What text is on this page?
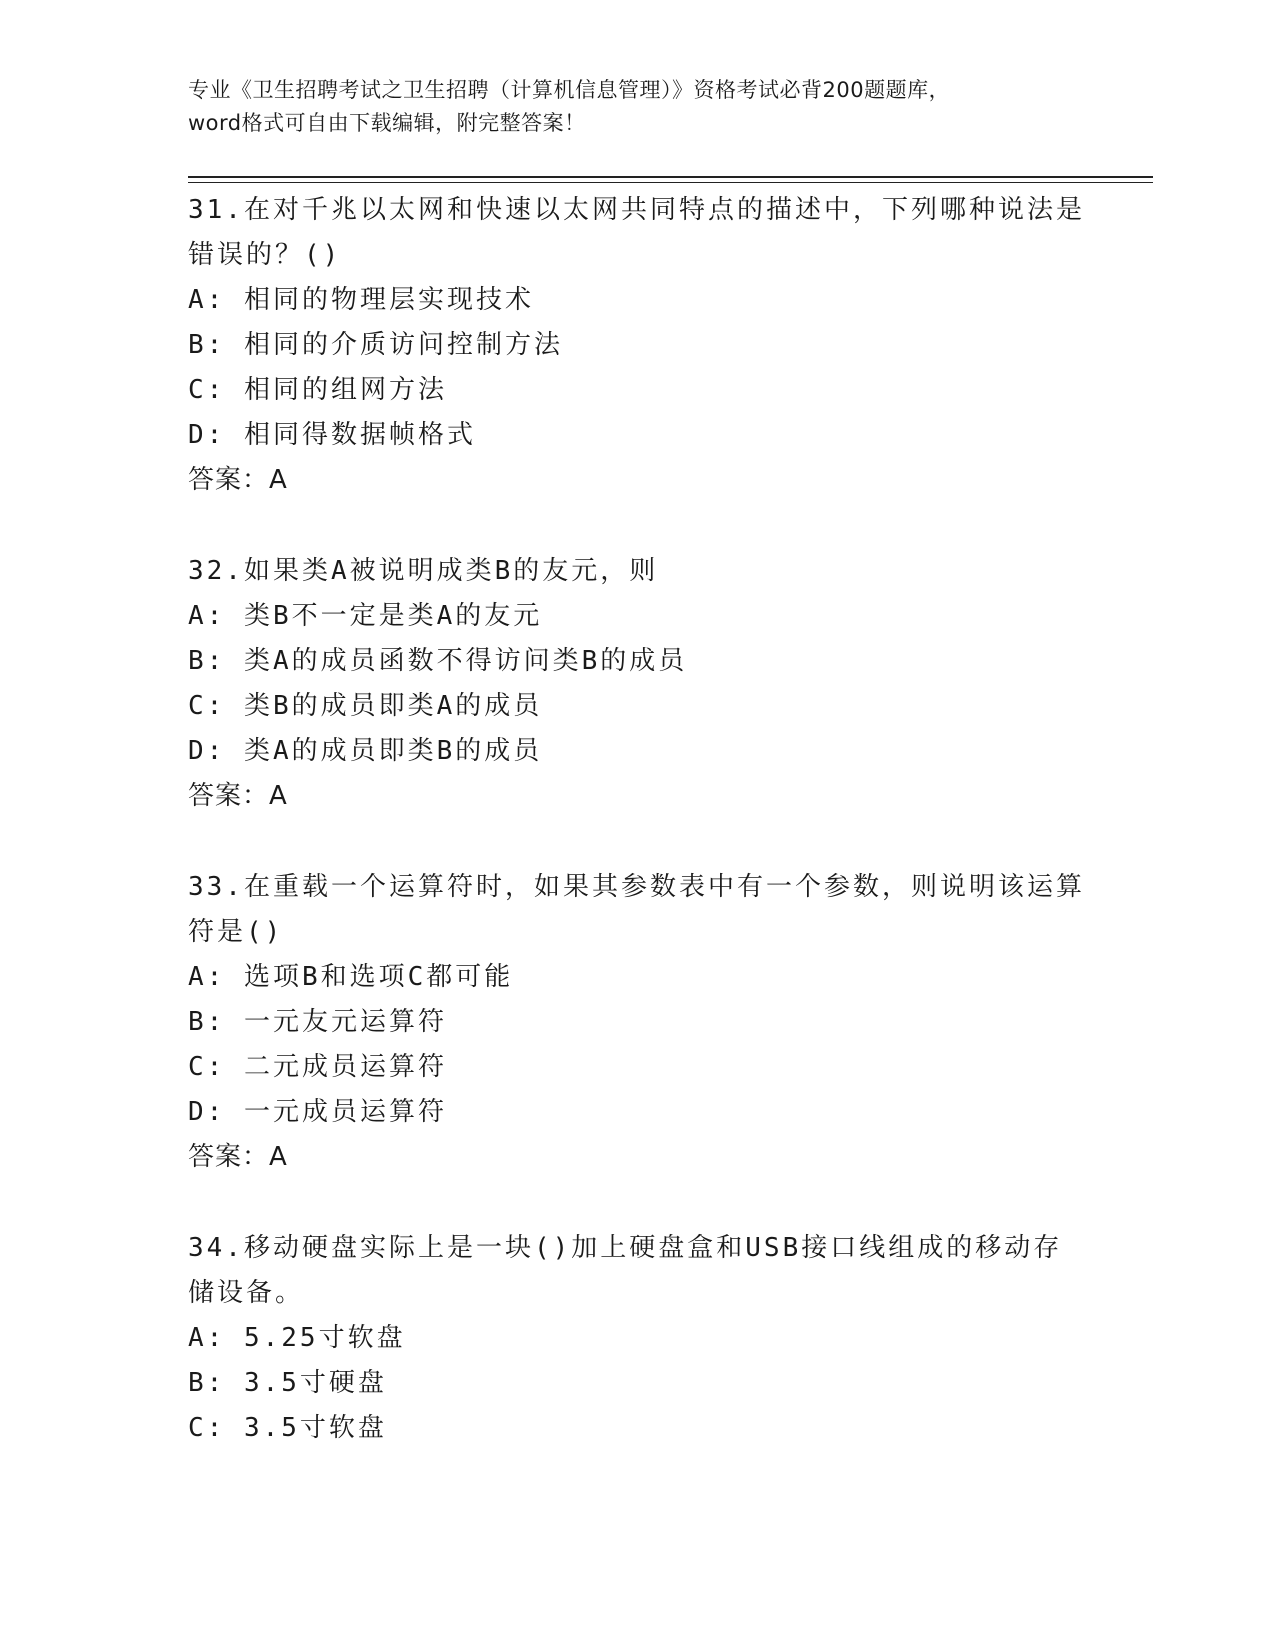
专业《卫生招聘考试之卫生招聘（计算机信息管理）》资格考试必背200题题库，
word格式可自由下载编辑，附完整答案！

31.在对千兆以太网和快速以太网共同特点的描述中，下列哪种说法是错误的？()

A: 相同的物理层实现技术

B: 相同的介质访问控制方法

C: 相同的组网方法

D: 相同得数据帧格式

答案：A

32.如果类A被说明成类B的友元，则

A: 类B不一定是类A的友元

B: 类A的成员函数不得访问类B的成员

C: 类B的成员即类A的成员

D: 类A的成员即类B的成员

答案：A

33.在重载一个运算符时，如果其参数表中有一个参数，则说明该运算符是()

A: 选项B和选项C都可能

B: 一元友元运算符

C: 二元成员运算符

D: 一元成员运算符

答案：A

34.移动硬盘实际上是一块()加上硬盘盒和USB接口线组成的移动存储设备。

A: 5.25寸软盘

B: 3.5寸硬盘

C: 3.5寸软盘
